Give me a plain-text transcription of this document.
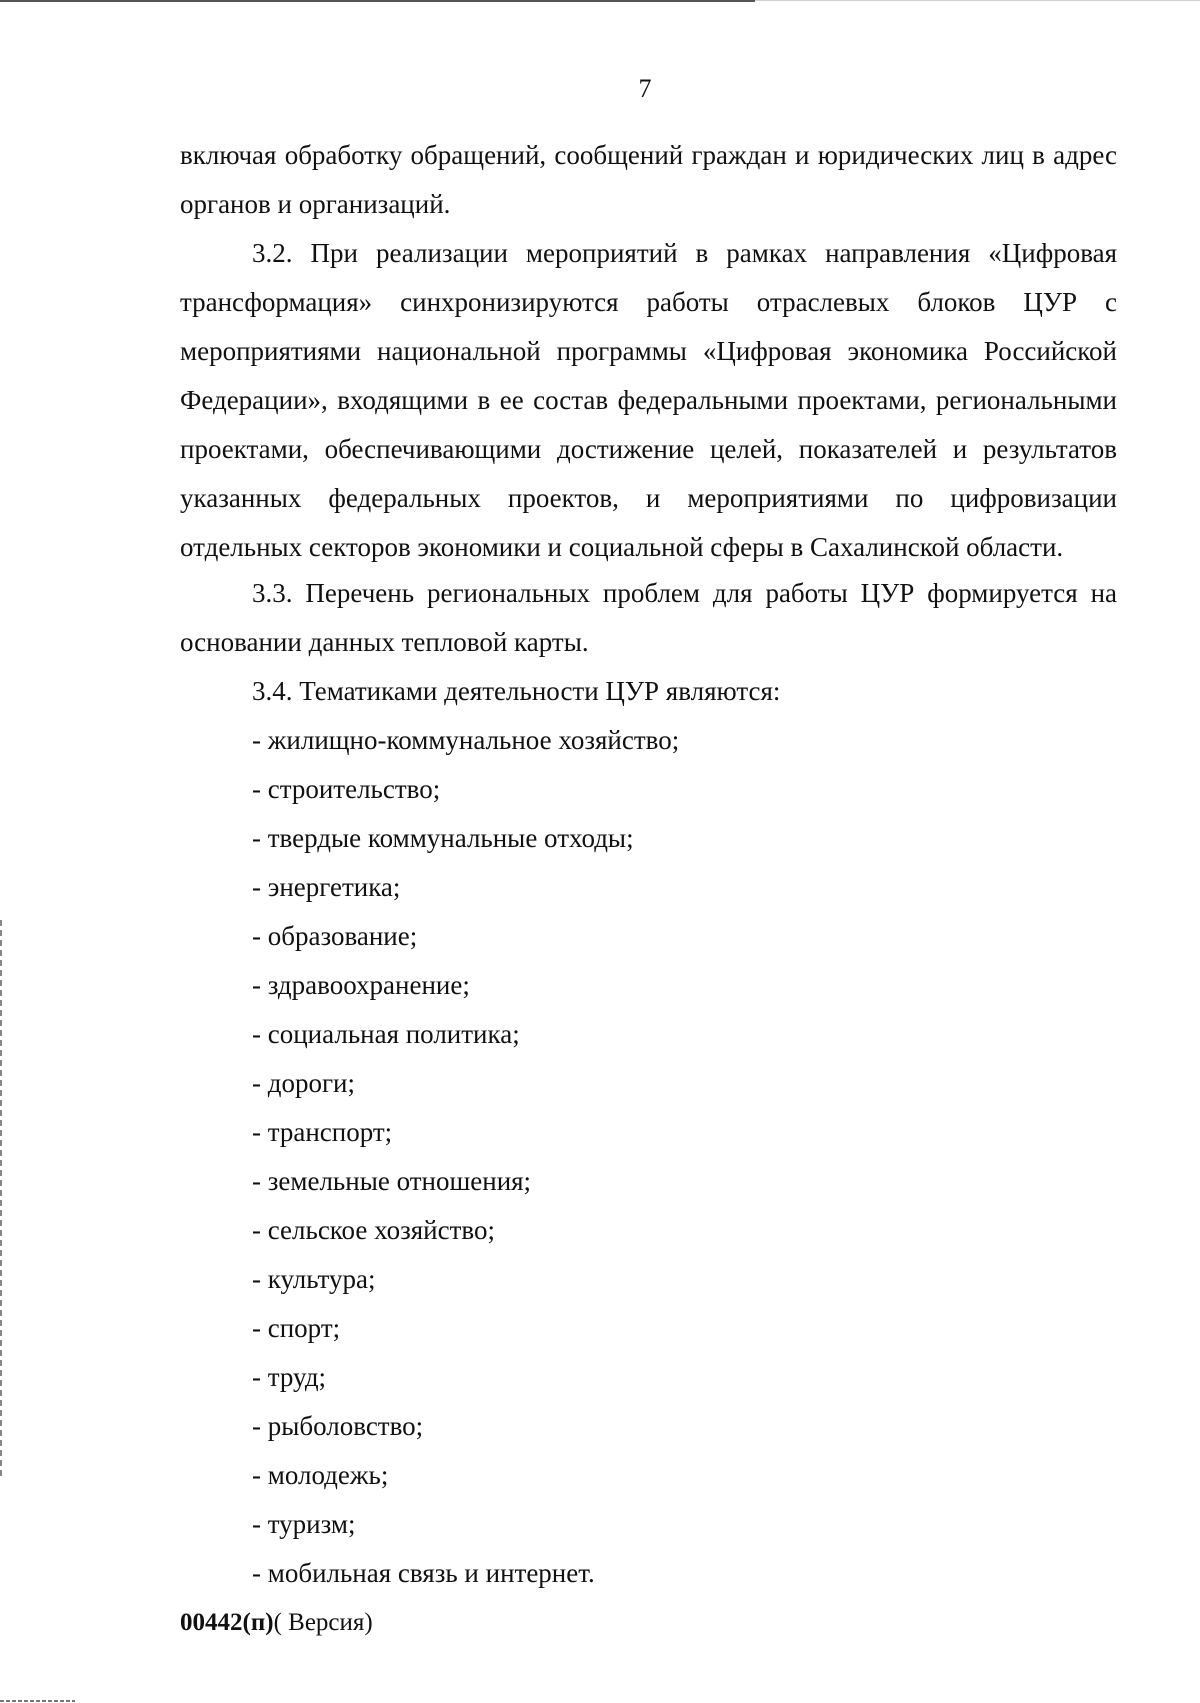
7

включая обработку обращений, сообщений граждан и юридических лиц в адрес органов и организаций.

3.2. При реализации мероприятий в рамках направления «Цифровая трансформация» синхронизируются работы отраслевых блоков ЦУР с мероприятиями национальной программы «Цифровая экономика Российской Федерации», входящими в ее состав федеральными проектами, региональными проектами, обеспечивающими достижение целей, показателей и результатов указанных федеральных проектов, и мероприятиями по цифровизации отдельных секторов экономики и социальной сферы в Сахалинской области.

3.3. Перечень региональных проблем для работы ЦУР формируется на основании данных тепловой карты.

3.4. Тематиками деятельности ЦУР являются:
- жилищно-коммунальное хозяйство;
- строительство;
- твердые коммунальные отходы;
- энергетика;
- образование;
- здравоохранение;
- социальная политика;
- дороги;
- транспорт;
- земельные отношения;
- сельское хозяйство;
- культура;
- спорт;
- труд;
- рыболовство;
- молодежь;
- туризм;
- мобильная связь и интернет.
00442(п)( Версия)
